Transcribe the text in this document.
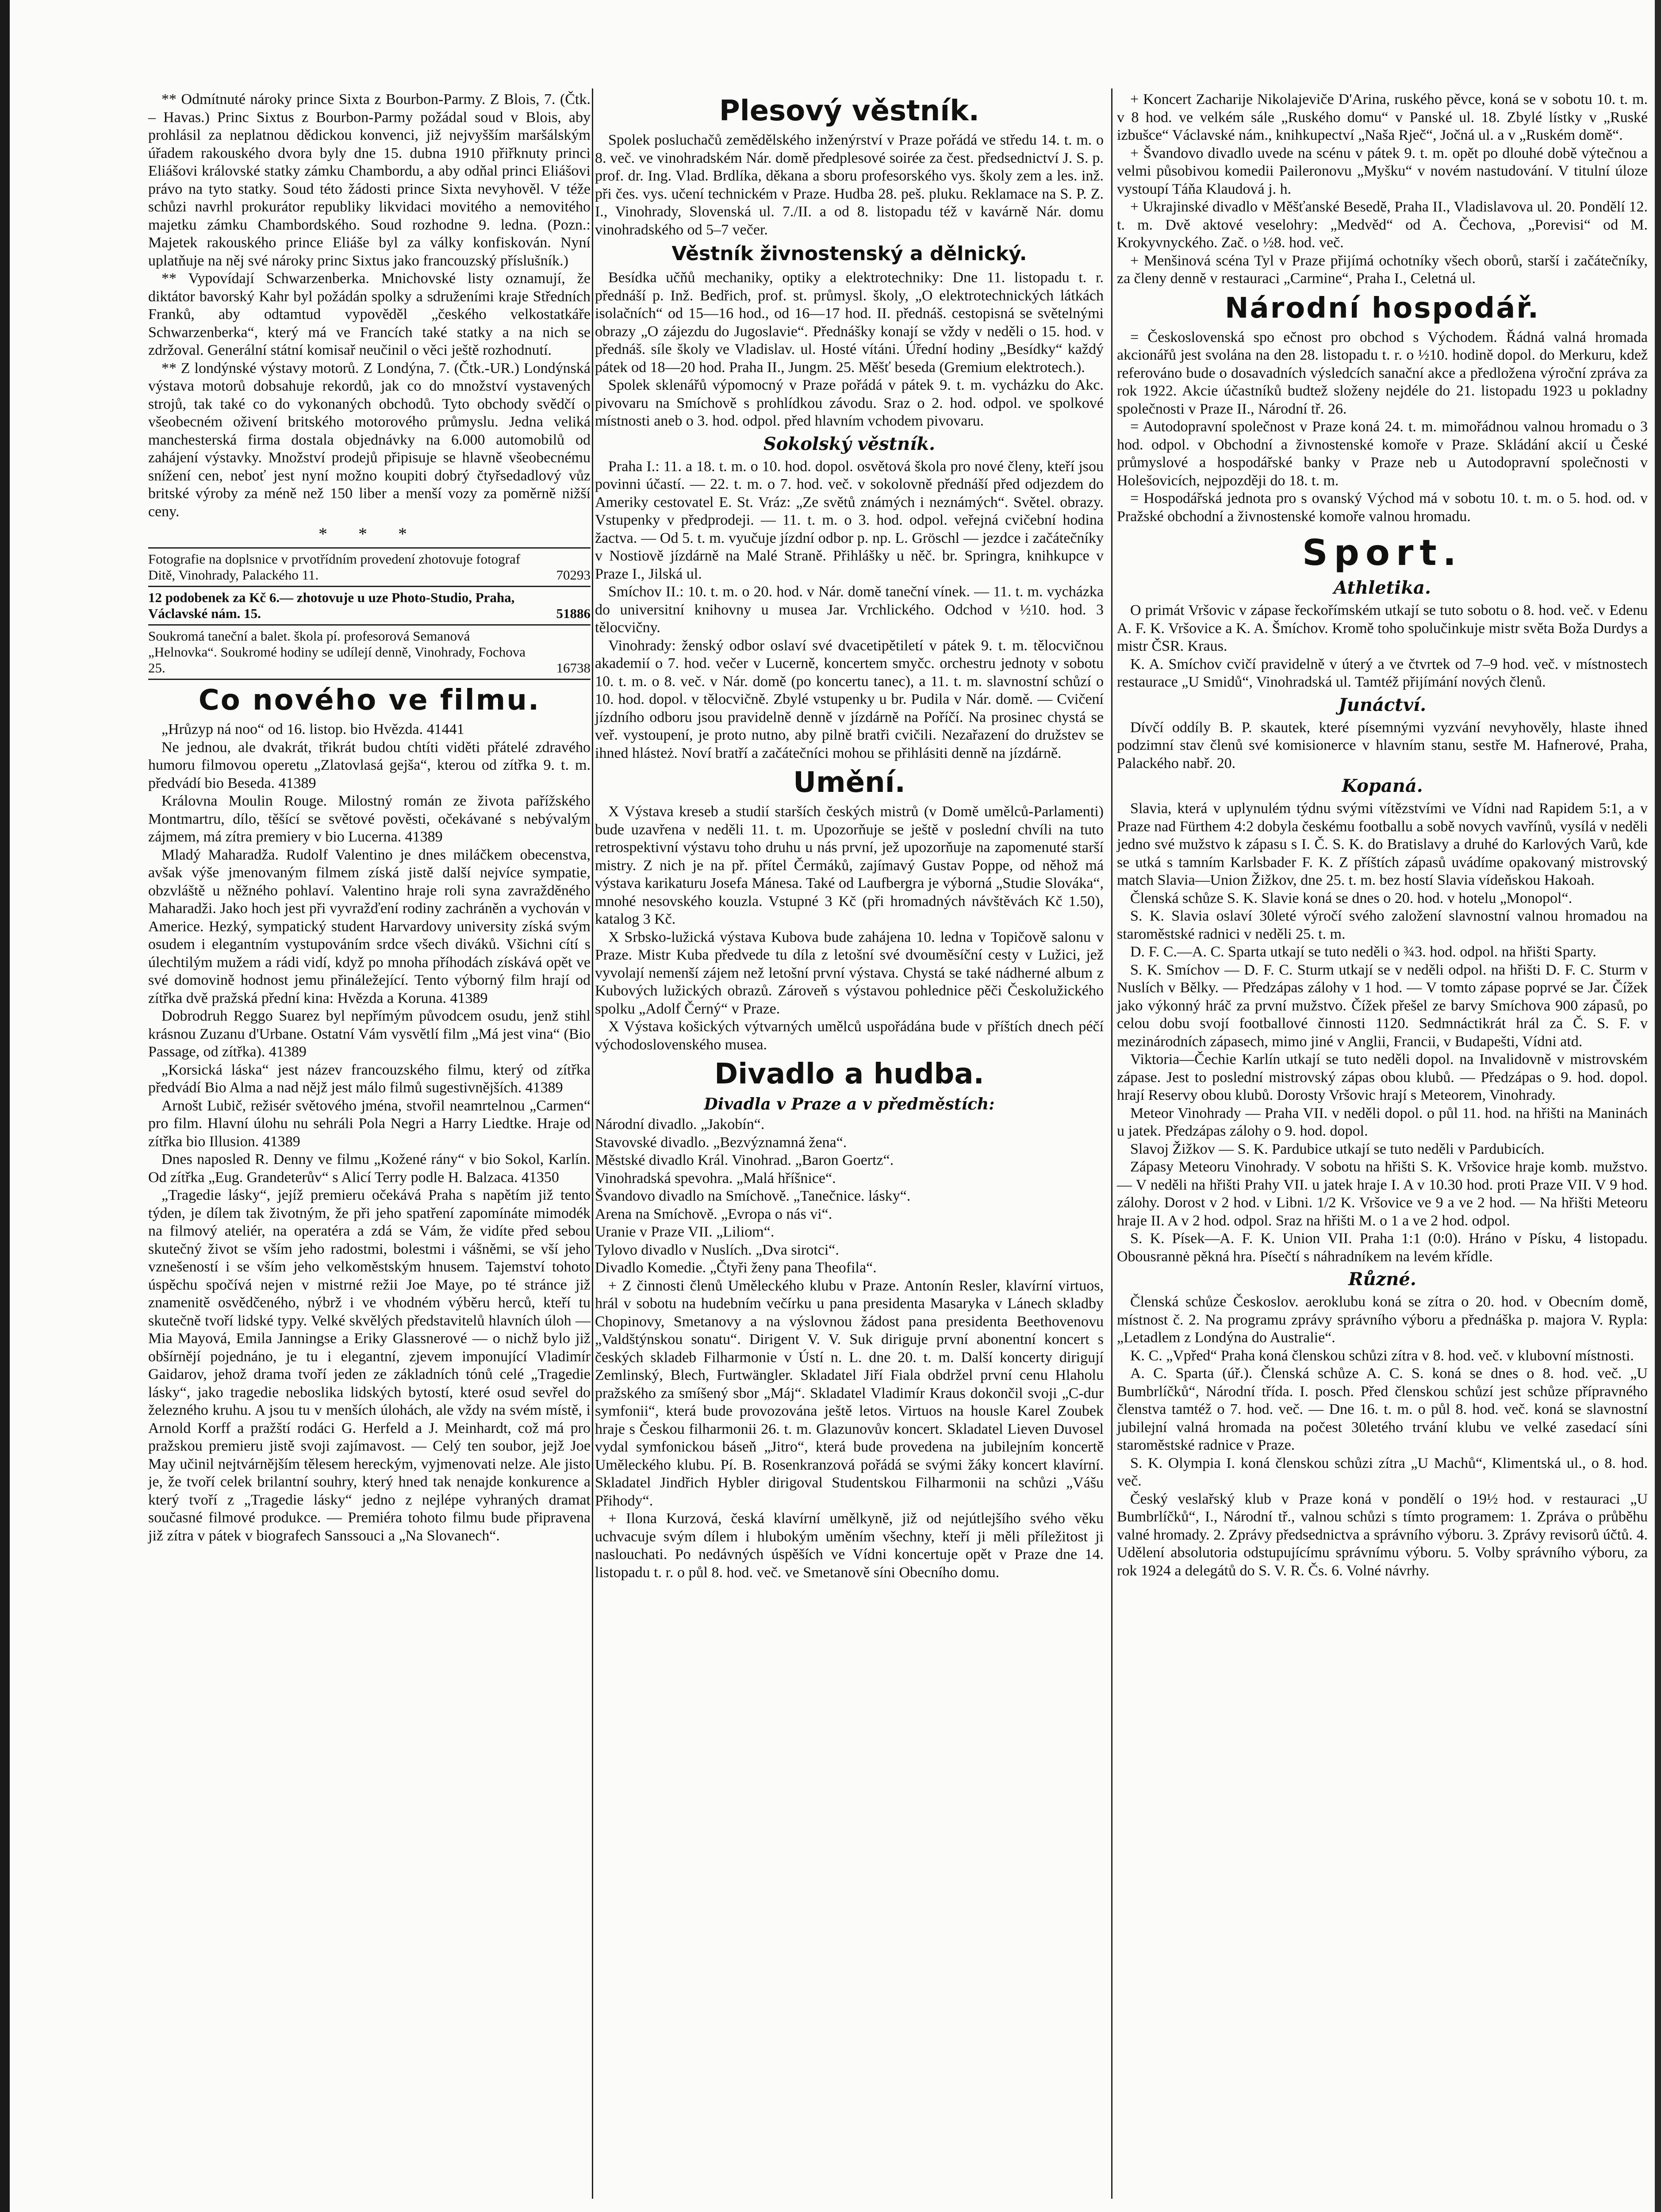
** Odmítnuté nároky prince Sixta z Bourbon-Parmy. Z Blois, 7. (Čtk. – Havas.) Princ Sixtus z Bourbon-Parmy požádal soud v Blois, aby prohlásil za neplatnou dědickou konvenci, již nejvyšším maršálským úřadem rakouského dvora byly dne 15. dubna 1910 přiřknuty princi Eliášovi královské statky zámku Chambordu, a aby odňal princi Eliášovi právo na tyto statky. Soud této žádosti prince Sixta nevyhověl. V téže schůzi navrhl prokurátor republiky likvidaci movitého a nemovitého majetku zámku Chambordského. Soud rozhodne 9. ledna. (Pozn.: Majetek rakouského prince Eliáše byl za války konfiskován. Nyní uplatňuje na něj své nároky princ Sixtus jako francouzský příslušník.)

** Vypovídají Schwarzenberka. Mnichovské listy oznamují, že diktátor bavorský Kahr byl požádán spolky a sdruženími kraje Středních Franků, aby odtamtud vypověděl „českého velkostatkáře Schwarzenberka“, který má ve Francích také statky a na nich se zdržoval. Generální státní komisař neučinil o věci ještě rozhodnutí.

** Z londýnské výstavy motorů. Z Londýna, 7. (Čtk.-UR.) Londýnská výstava motorů dobsahuje rekordů, jak co do množství vystavených strojů, tak také co do vykonaných obchodů. Tyto obchody svědčí o všeobecném oživení britského motorového průmyslu. Jedna veliká manchesterská firma dostala objednávky na 6.000 automobilů od zahájení výstavky. Množství prodejů připisuje se hlavně všeobecnému snížení cen, neboť jest nyní možno koupiti dobrý čtyřsedadlový vůz britské výroby za méně než 150 liber a menší vozy za poměrně nižší ceny.

* * *

Fotografie na doplsnice v prvotřídním provedení zhotovuje fotograf Ditě, Vinohrady, Palackého 11.	70293

12 podobenek za Kč 6.— zhotovuje u uze Photo-Studio, Praha, Václavské nám. 15.	51886

Soukromá taneční a balet. škola pí. profesorová Semanová „Helnovka“. Soukromé hodiny se udílejí denně, Vinohrady, Fochova 25.	16738

Co nového ve filmu.

„Hrůzyp ná noo“ od 16. listop. bio Hvězda. 41441

Ne jednou, ale dvakrát, třikrát budou chtíti viděti přátelé zdravého humoru filmovou operetu „Zlatovlasá gejša“, kterou od zítřka 9. t. m. předvádí bio Beseda. 41389

Královna Moulin Rouge. Milostný román ze života pařížského Montmartru, dílo, těšící se světové pověsti, očekávané s nebývalým zájmem, má zítra premiery v bio Lucerna. 41389

Mladý Maharadža. Rudolf Valentino je dnes miláčkem obecenstva, avšak výše jmenovaným filmem získá jistě další nejvíce sympatie, obzvláště u něžného pohlaví. Valentino hraje roli syna zavražděného Maharadži. Jako hoch jest při vyvražďení rodiny zachráněn a vychován v Americe. Hezký, sympatický student Harvardovy university získá svým osudem i elegantním vystupováním srdce všech diváků. Všichni cítí s úlechtilým mužem a rádi vidí, když po mnoha příhodách získává opět ve své domovině hodnost jemu přináležející. Tento výborný film hrají od zítřka dvě pražská přední kina: Hvězda a Koruna. 41389

Dobrodruh Reggo Suarez byl nepřímým původcem osudu, jenž stihl krásnou Zuzanu d'Urbane. Ostatní Vám vysvětlí film „Má jest vina“ (Bio Passage, od zítřka). 41389

„Korsická láska“ jest název francouzského filmu, který od zítřka předvádí Bio Alma a nad nějž jest málo filmů sugestivnějších. 41389

Arnošt Lubič, režisér světového jména, stvořil neamrtelnou „Carmen“ pro film. Hlavní úlohu nu sehráli Pola Negri a Harry Liedtke. Hraje od zítřka bio Illusion. 41389

Dnes naposled R. Denny ve filmu „Kožené rány“ v bio Sokol, Karlín. Od zítřka „Eug. Grandeterův“ s Alicí Terry podle H. Balzaca. 41350

„Tragedie lásky“, jejíž premieru očekává Praha s napětím již tento týden, je dílem tak životným, že při jeho spatření zapomínáte mimodék na filmový ateliér, na operatéra a zdá se Vám, že vidíte před sebou skutečný život se vším jeho radostmi, bolestmi i vášněmi, se vší jeho vznešeností i se vším jeho velkoměstským hnusem. Tajemství tohoto úspěchu spočívá nejen v mistrné režii Joe Maye, po té stránce již znamenitě osvědčeného, nýbrž i ve vhodném výběru herců, kteří tu skutečně tvoří lidské typy. Velké skvělých představitelů hlavních úloh — Mia Mayová, Emila Janningse a Eriky Glassnerové — o nichž bylo již obšírnějí pojednáno, je tu i elegantní, zjevem imponující Vladimír Gaidarov, jehož drama tvoří jeden ze základních tónů celé „Tragedie lásky“, jako tragedie neboslika lidských bytostí, které osud sevřel do železného kruhu. A jsou tu v menších úlohách, ale vždy na svém místě, i Arnold Korff a pražští rodáci G. Herfeld a J. Meinhardt, což má pro pražskou premieru jistě svoji zajímavost. — Celý ten soubor, jejž Joe May učinil nejtvárnějším tělesem hereckým, vyjmenovati nelze. Ale jisto je, že tvoří celek brilantní souhry, který hned tak nenajde konkurence a který tvoří z „Tragedie lásky“ jedno z nejlépe vyhraných dramat současné filmové produkce. — Premiéra tohoto filmu bude připravena již zítra v pátek v biografech Sanssouci a „Na Slovanech“.

Plesový věstník.

Spolek posluchačů zemědělského inženýrství v Praze pořádá ve středu 14. t. m. o 8. več. ve vinohradském Nár. domě předplesové soirée za čest. předsednictví J. S. p. prof. dr. Ing. Vlad. Brdlíka, děkana a sboru profesorského vys. školy zem a les. inž. při čes. vys. učení technickém v Praze. Hudba 28. peš. pluku. Reklamace na S. P. Z. I., Vinohrady, Slovenská ul. 7./II. a od 8. listopadu též v kavárně Nár. domu vinohradského od 5–7 večer.

Věstník živnostenský a dělnický.

Besídka učňů mechaniky, optiky a elektrotechniky: Dne 11. listopadu t. r. přednáší p. Inž. Bedřich, prof. st. průmysl. školy, „O elektrotechnických látkách isolačních“ od 15—16 hod., od 16—17 hod. II. přednáš. cestopisná se světelnými obrazy „O zájezdu do Jugoslavie“. Přednášky konají se vždy v neděli o 15. hod. v přednáš. síle školy ve Vladislav. ul. Hosté vítáni. Úřední hodiny „Besídky“ každý pátek od 18—20 hod. Praha II., Jungm. 25. Měšť beseda (Gremium elektrotech.).

Spolek sklenářů výpomocný v Praze pořádá v pátek 9. t. m. vycházku do Akc. pivovaru na Smíchově s prohlídkou závodu. Sraz o 2. hod. odpol. ve spolkové místnosti aneb o 3. hod. odpol. před hlavním vchodem pivovaru.

Sokolský věstník.

Praha I.: 11. a 18. t. m. o 10. hod. dopol. osvětová škola pro nové členy, kteří jsou povinni účastí. — 22. t. m. o 7. hod. več. v sokolovně přednáší před odjezdem do Ameriky cestovatel E. St. Vráz: „Ze světů známých i neznámých“. Světel. obrazy. Vstupenky v předprodeji. — 11. t. m. o 3. hod. odpol. veřejná cvičební hodina žactva. — Od 5. t. m. vyučuje jízdní odbor p. np. L. Gröschl — jezdce i začátečníky v Nostiově jízdárně na Malé Straně. Přihlášky u něč. br. Springra, knihkupce v Praze I., Jilská ul.

Smíchov II.: 10. t. m. o 20. hod. v Nár. domě taneční vínek. — 11. t. m. vycházka do universitní knihovny u musea Jar. Vrchlického. Odchod v ½10. hod. 3 tělocvičny.

Vinohrady: ženský odbor oslaví své dvacetipětiletí v pátek 9. t. m. tělocvičnou akademií o 7. hod. večer v Lucerně, koncertem smyčc. orchestru jednoty v sobotu 10. t. m. o 8. več. v Nár. domě (po koncertu tanec), a 11. t. m. slavnostní schůzí o 10. hod. dopol. v tělocvičně. Zbylé vstupenky u br. Pudila v Nár. domě. — Cvičení jízdního odboru jsou pravidelně denně v jízdárně na Poříčí. Na prosinec chystá se veř. vystoupení, je proto nutno, aby pilně bratři cvičili. Nezařazení do družstev se ihned hlásteż. Noví bratří a začátečníci mohou se přihlásiti denně na jízdárně.

Umění.

X Výstava kreseb a studií starších českých mistrů (v Domě umělců-Parlamenti) bude uzavřena v neděli 11. t. m. Upozorňuje se ještě v poslední chvíli na tuto retrospektivní výstavu toho druhu u nás první, jež upozorňuje na zapomenuté starší mistry. Z nich je na př. přítel Čermáků, zajímavý Gustav Poppe, od něhož má výstava karikaturu Josefa Mánesa. Také od Laufbergra je výborná „Studie Slováka“, mnohé nesovského kouzla. Vstupné 3 Kč (při hromadných návštěvách Kč 1.50), katalog 3 Kč.

X Srbsko-lužická výstava Kubova bude zahájena 10. ledna v Topičově salonu v Praze. Mistr Kuba předvede tu díla z letošní své dvouměsíční cesty v Lužici, jež vyvolají nemenší zájem než letošní první výstava. Chystá se také nádherné album z Kubových lužických obrazů. Zároveň s výstavou pohlednice pěči Českolužického spolku „Adolf Černý“ v Praze.

X Výstava košických výtvarných umělců uspořádána bude v příštích dnech péčí východoslovenského musea.

Divadlo a hudba.
Divadla v Praze a v předměstích:

Národní divadlo. „Jakobín“.

Stavovské divadlo. „Bezvýznamná žena“.

Městské divadlo Král. Vinohrad. „Baron Goertz“.

Vinohradská spevohra. „Malá hříšnice“.

Švandovo divadlo na Smíchově. „Tanečnice. lásky“.

Arena na Smíchově. „Evropa o nás vi“.

Uranie v Praze VII. „Liliom“.

Tylovo divadlo v Nuslích. „Dva sirotci“.

Divadlo Komedie. „Čtyři ženy pana Theofila“.

+ Z činnosti členů Uměleckého klubu v Praze. Antonín Resler, klavírní virtuos, hrál v sobotu na hudebním večírku u pana presidenta Masaryka v Lánech skladby Chopinovy, Smetanovy a na výslovnou žádost pana presidenta Beethovenovu „Valdštýnskou sonatu“. Dirigent V. V. Suk diriguje první abonentní koncert s českých skladeb Filharmonie v Ústí n. L. dne 20. t. m. Další koncerty dirigují Zemlinský, Blech, Furtwängler. Skladatel Jiří Fiala obdržel první cenu Hlaholu pražského za smíšený sbor „Máj“. Skladatel Vladimír Kraus dokončil svoji „C-dur symfonii“, která bude provozována ještě letos. Virtuos na housle Karel Zoubek hraje s Českou filharmonii 26. t. m. Glazunovův koncert. Skladatel Lieven Duvosel vydal symfonickou báseň „Jitro“, která bude provedena na jubilejním koncertě Uměleckého klubu. Pí. B. Rosenkranzová pořádá se svými žáky koncert klavírní. Skladatel Jindřich Hybler dirigoval Studentskou Filharmonii na schůzi „Vášu Přihody“.

+ Ilona Kurzová, česká klavírní umělkyně, již od nejútlejšího svého věku uchvacuje svým dílem i hlubokým uměním všechny, kteří ji měli příležitost ji naslouchati. Po nedávných úspěších ve Vídni koncertuje opět v Praze dne 14. listopadu t. r. o půl 8. hod. več. ve Smetanově síni Obecního domu.

+ Koncert Zacharije Nikolajeviče D'Arina, ruského pěvce, koná se v sobotu 10. t. m. v 8 hod. ve velkém sále „Ruského domu“ v Panské ul. 18. Zbylé lístky v „Ruské izbušce“ Václavské nám., knihkupectví „Naša Rječ“, Jočná ul. a v „Ruském domě“.

+ Švandovo divadlo uvede na scénu v pátek 9. t. m. opět po dlouhé době výtečnou a velmi působivou komedii Paileronovu „Myšku“ v novém nastudování. V titulní úloze vystoupí Táňa Klaudová j. h.

+ Ukrajinské divadlo v Měšťanské Besedě, Praha II., Vladislavova ul. 20. Pondělí 12. t. m. Dvě aktové veselohry: „Medvěd“ od A. Čechova, „Porevisi“ od M. Krokyvnyckého. Zač. o ½8. hod. več.

+ Menšinová scéna Tyl v Praze přijímá ochotníky všech oborů, starší i začátečníky, za členy denně v restauraci „Carmine“, Praha I., Celetná ul.

Národní hospodář.

= Československá spo ečnost pro obchod s Východem. Řádná valná hromada akcionářů jest svolána na den 28. listopadu t. r. o ½10. hodině dopol. do Merkuru, kdež referováno bude o dosavadních výsledcích sanační akce a předložena výroční zpráva za rok 1922. Akcie účastníků budtež složeny nejdéle do 21. listopadu 1923 u pokladny společnosti v Praze II., Národní tř. 26.

= Autodopravní společnost v Praze koná 24. t. m. mimořádnou valnou hromadu o 3 hod. odpol. v Obchodní a živnostenské komoře v Praze. Skládání akcií u České průmyslové a hospodářské banky v Praze neb u Autodopravní společnosti v Holešovicích, nejpozději do 18. t. m.

= Hospodářská jednota pro s ovanský Východ má v sobotu 10. t. m. o 5. hod. od. v Pražské obchodní a živnostenské komoře valnou hromadu.

Sport.
Athletika.

O primát Vršovic v zápase řeckořímském utkají se tuto sobotu o 8. hod. več. v Edenu A. F. K. Vršovice a K. A. Šmíchov. Kromě toho spolučinkuje mistr světa Boža Durdys a mistr ČSR. Kraus.

K. A. Smíchov cvičí pravidelně v úterý a ve čtvrtek od 7–9 hod. več. v místnostech restaurace „U Smidů“, Vinohradská ul. Tamtéž přijímání nových členů.

Junáctví.

Dívčí oddíly B. P. skautek, které písemnými vyzvání nevyhověly, hlaste ihned podzimní stav členů své komisionerce v hlavním stanu, sestře M. Hafnerové, Praha, Palackého nabř. 20.

Kopaná.

Slavia, která v uplynulém týdnu svými vítězstvími ve Vídni nad Rapidem 5:1, a v Praze nad Fürthem 4:2 dobyla českému footballu a sobě novych vavřínů, vysílá v neděli jedno své mužstvo k zápasu s I. Č. S. K. do Bratislavy a druhé do Karlových Varů, kde se utká s tamním Karlsbader F. K. Z příštích zápasů uvádíme opakovaný mistrovský match Slavia—Union Žižkov, dne 25. t. m. bez hostí Slavia vídeňskou Hakoah.

Členská schůze S. K. Slavie koná se dnes o 20. hod. v hotelu „Monopol“.

S. K. Slavia oslaví 30leté výročí svého založení slavnostní valnou hromadou na staroměstské radnici v neděli 25. t. m.

D. F. C.—A. C. Sparta utkají se tuto neděli o ¾3. hod. odpol. na hřišti Sparty.

S. K. Smíchov — D. F. C. Sturm utkají se v neděli odpol. na hřišti D. F. C. Sturm v Nuslích v Bělky. — Předzápas zálohy v 1 hod. — V tomto zápase poprvé se Jar. Čížek jako výkonný hráč za první mužstvo. Čížek přešel ze barvy Smíchova 900 zápasů, po celou dobu svojí footballové činnosti 1120. Sedmnáctikrát hrál za Č. S. F. v mezinárodních zápasech, mimo jiné v Anglii, Francii, v Budapešti, Vídni atd.

Viktoria—Čechie Karlín utkají se tuto neděli dopol. na Invalidovně v mistrovském zápase. Jest to poslední mistrovský zápas obou klubů. — Předzápas o 9. hod. dopol. hrají Reservy obou klubů. Dorosty Vršovic hrají s Meteorem, Vinohrady.

Meteor Vinohrady — Praha VII. v neděli dopol. o půl 11. hod. na hřišti na Maninách u jatek. Předzápas zálohy o 9. hod. dopol.

Slavoj Žižkov — S. K. Pardubice utkají se tuto neděli v Pardubicích.

Zápasy Meteoru Vinohrady. V sobotu na hřišti S. K. Vršovice hraje komb. mužstvo. — V neděli na hřišti Prahy VII. u jatek hraje I. A v 10.30 hod. proti Praze VII. V 9 hod. zálohy. Dorost v 2 hod. v Libni. 1/2 K. Vršovice ve 9 a ve 2 hod. — Na hřišti Meteoru hraje II. A v 2 hod. odpol. Sraz na hřišti M. o 1 a ve 2 hod. odpol.

S. K. Písek—A. F. K. Union VII. Praha 1:1 (0:0). Hráno v Písku, 4 listopadu. Obousrannė pěkná hra. Písečtí s náhradníkem na levém křídle.

Různé.

Členská schůze Českoslov. aeroklubu koná se zítra o 20. hod. v Obecním domě, místnost č. 2. Na programu zprávy správního výboru a přednáška p. majora V. Rypla: „Letadlem z Londýna do Australie“.

K. C. „Vpřed“ Praha koná členskou schůzi zítra v 8. hod. več. v klubovní místnosti.

A. C. Sparta (úř.). Členská schůze A. C. S. koná se dnes o 8. hod. več. „U Bumbrlíčků“, Národní třída. I. posch. Před členskou schůzí jest schůze přípravného členstva tamtéž o 7. hod. več. — Dne 16. t. m. o půl 8. hod. več. koná se slavnostní jubilejní valná hromada na počest 30letého trvání klubu ve velké zasedací síni staroměstské radnice v Praze.

S. K. Olympia I. koná členskou schůzi zítra „U Machů“, Klimentská ul., o 8. hod. več.

Český veslařský klub v Praze koná v pondělí o 19½ hod. v restauraci „U Bumbrlíčků“, I., Národní tř., valnou schůzi s tímto programem: 1. Zpráva o průběhu valné hromady. 2. Zprávy předsednictva a správního výboru. 3. Zprávy revisorů účtů. 4. Udělení absolutoria odstupujícímu správnímu výboru. 5. Volby správního výboru, za rok 1924 a delegátů do S. V. R. Čs. 6. Volné návrhy.
